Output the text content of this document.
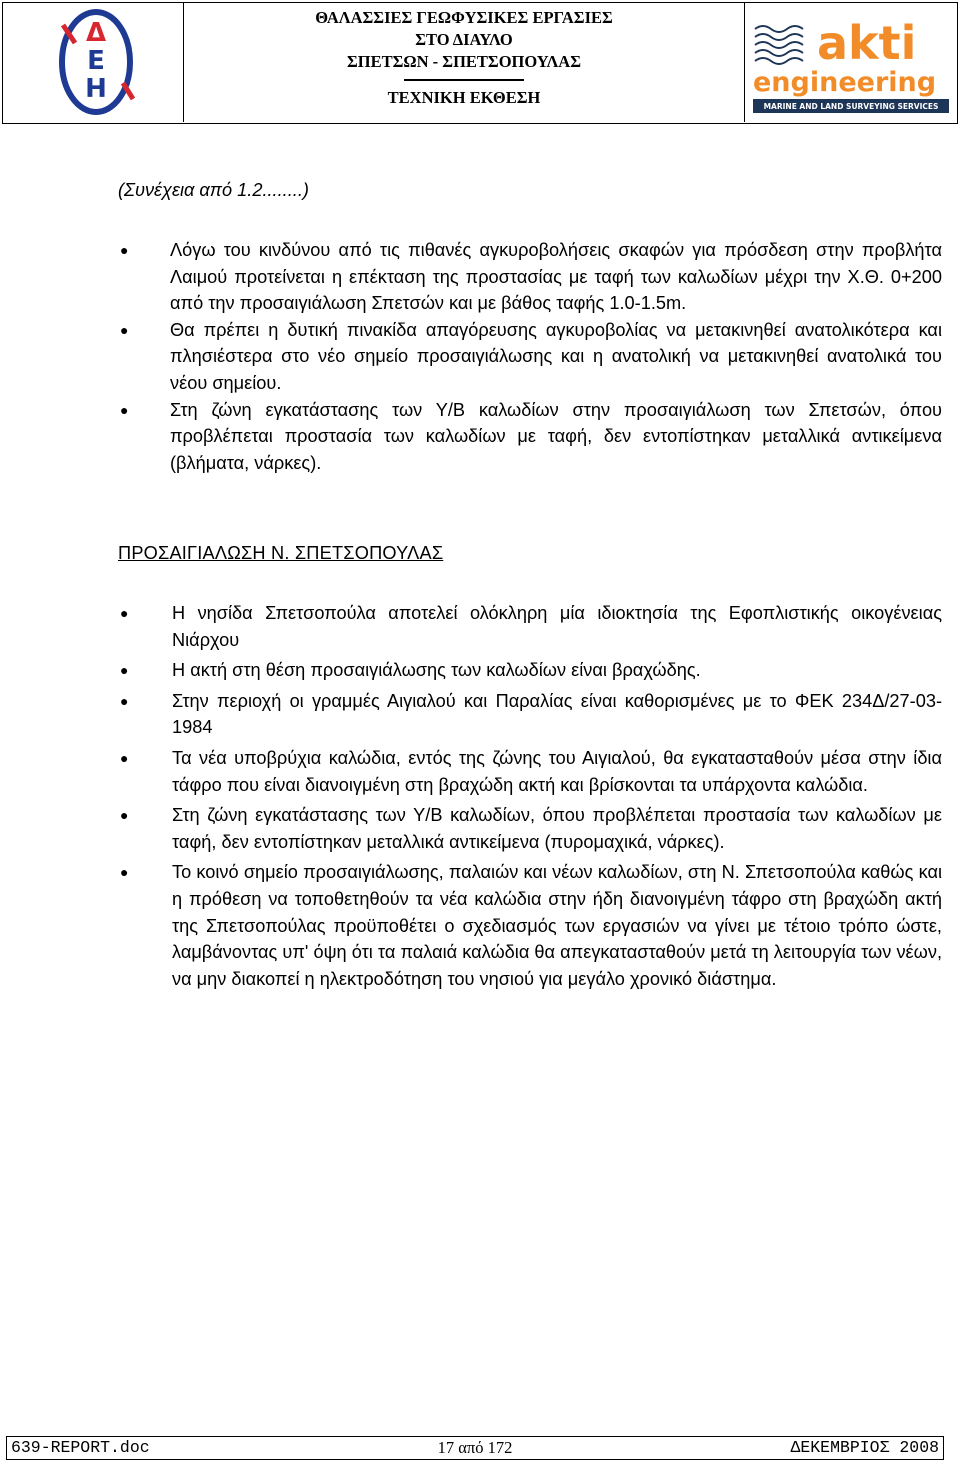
Δ
Ε
Η
ΘΑΛΑΣΣΙΕΣ ΓΕΩΦΥΣΙΚΕΣ ΕΡΓΑΣΙΕΣ
ΣΤΟ ΔΙΑΥΛΟ
ΣΠΕΤΣΩΝ - ΣΠΕΤΣΟΠΟΥΛΑΣ
ΤΕΧΝΙΚΗ ΕΚΘΕΣΗ
akti
engineering
MARINE AND LAND SURVEYING SERVICES
(Συνέχεια από 1.2........)
● Λόγω του κινδύνου από τις πιθανές αγκυροβολήσεις σκαφών για πρόσδεση στην προβλήτα Λαιμού προτείνεται η επέκταση της προστασίας με ταφή των καλωδίων μέχρι την Χ.Θ. 0+200 από την προσαιγιάλωση Σπετσών και με βάθος ταφής 1.0-1.5m.
● Θα πρέπει η δυτική πινακίδα απαγόρευσης αγκυροβολίας να μετακινηθεί ανατολικότερα και πλησιέστερα στο νέο σημείο προσαιγιάλωσης και η ανατολική να μετακινηθεί ανατολικά του νέου σημείου.
● Στη ζώνη εγκατάστασης των Υ/Β καλωδίων στην προσαιγιάλωση των Σπετσών, όπου προβλέπεται προστασία των καλωδίων με ταφή, δεν εντοπίστηκαν μεταλλικά αντικείμενα (βλήματα, νάρκες).
ΠΡΟΣΑΙΓΙΑΛΩΣΗ Ν. ΣΠΕΤΣΟΠΟΥΛΑΣ
● Η νησίδα Σπετσοπούλα αποτελεί ολόκληρη μία ιδιοκτησία της Εφοπλιστικής οικογένειας Νιάρχου
● Η ακτή στη θέση προσαιγιάλωσης των καλωδίων είναι βραχώδης.
● Στην περιοχή οι γραμμές Αιγιαλού και Παραλίας είναι καθορισμένες με το ΦΕΚ 234Δ/27-03-1984
● Τα νέα υποβρύχια καλώδια, εντός της ζώνης του Αιγιαλού, θα εγκατασταθούν μέσα στην ίδια τάφρο που είναι διανοιγμένη στη βραχώδη ακτή και βρίσκονται τα υπάρχοντα καλώδια.
● Στη ζώνη εγκατάστασης των Υ/Β καλωδίων, όπου προβλέπεται προστασία των καλωδίων με ταφή, δεν εντοπίστηκαν μεταλλικά αντικείμενα (πυρομαχικά, νάρκες).
● Το κοινό σημείο προσαιγιάλωσης, παλαιών και νέων καλωδίων, στη Ν. Σπετσοπούλα καθώς και η πρόθεση να τοποθετηθούν τα νέα καλώδια στην ήδη διανοιγμένη τάφρο στη βραχώδη ακτή της Σπετσοπούλας προϋποθέτει ο σχεδιασμός των εργασιών να γίνει με τέτοιο τρόπο ώστε, λαμβάνοντας υπ' όψη ότι τα παλαιά καλώδια θα απεγκατασταθούν μετά τη λειτουργία των νέων, να μην διακοπεί η ηλεκτροδότηση του νησιού για μεγάλο χρονικό διάστημα.
639-REPORT.doc	17 από 172	ΔΕΚΕΜΒΡΙΟΣ 2008
